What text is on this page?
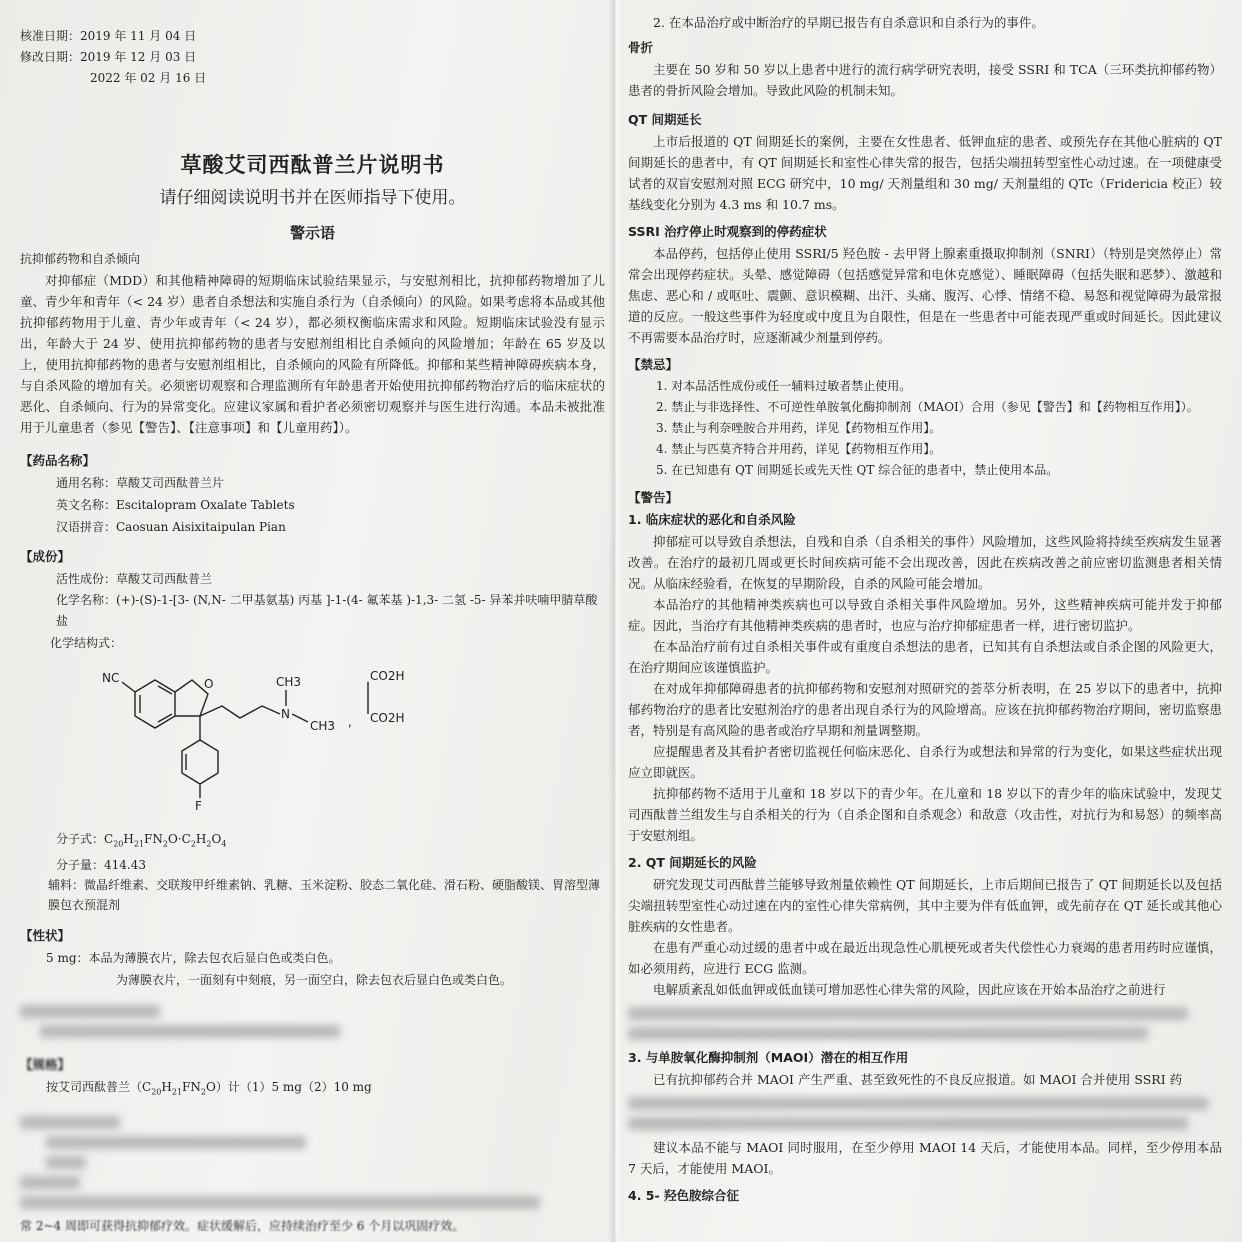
核准日期：2019 年 11 月 04 日
修改日期：2019 年 12 月 03 日
2022 年 02 月 16 日
草酸艾司西酞普兰片说明书
请仔细阅读说明书并在医师指导下使用。
警示语
抗抑郁药物和自杀倾向

对抑郁症（MDD）和其他精神障碍的短期临床试验结果显示，与安慰剂相比，抗抑郁药物增加了儿童、青少年和青年（< 24 岁）患者自杀想法和实施自杀行为（自杀倾向）的风险。如果考虑将本品或其他抗抑郁药物用于儿童、青少年或青年（< 24 岁），都必须权衡临床需求和风险。短期临床试验没有显示出，年龄大于 24 岁、使用抗抑郁药物的患者与安慰剂组相比自杀倾向的风险增加；年龄在 65 岁及以上，使用抗抑郁药物的患者与安慰剂组相比，自杀倾向的风险有所降低。抑郁和某些精神障碍疾病本身，与自杀风险的增加有关。必须密切观察和合理监测所有年龄患者开始使用抗抑郁药物治疗后的临床症状的恶化、自杀倾向、行为的异常变化。应建议家属和看护者必须密切观察并与医生进行沟通。本品未被批准用于儿童患者（参见【警告】、【注意事项】和【儿童用药】）。

【药品名称】
通用名称：草酸艾司西酞普兰片
英文名称：Escitalopram Oxalate Tablets
汉语拼音：Caosuan Aisixitaipulan Pian
【成份】
活性成份：草酸艾司西酞普兰
化学名称：(+)-(S)-1-[3- (N,N- 二甲基氨基) 丙基 ]-1-(4- 氟苯基 )-1,3- 二氢 -5- 异苯并呋喃甲腈草酸盐
化学结构式：
NC	O
N
CH3
CH3
F
CO2H
CO2H
,
分子式：$C_{20}H_{21}FN_2O\cdot C_2H_2O_4$
分子量：414.43
辅料：微晶纤维素、交联羧甲纤维素钠、乳糖、玉米淀粉、胶态二氧化硅、滑石粉、硬脂酸镁、胃溶型薄膜包衣预混剂
【性状】
5 mg：本品为薄膜衣片，除去包衣后显白色或类白色。
为薄膜衣片，一面刻有中刻痕，另一面空白，除去包衣后显白色或类白色。
【规格】
按艾司西酞普兰$(C_{20}H_{21}FN_2O)$计（1）5 mg（2）10 mg
常 2~4 周即可获得抗抑郁疗效。症状缓解后，应持续治疗至少 6 个月以巩固疗效。

2. 在本品治疗或中断治疗的早期已报告有自杀意识和自杀行为的事件。

骨折

主要在 50 岁和 50 岁以上患者中进行的流行病学研究表明，接受 SSRI 和 TCA（三环类抗抑郁药物）患者的骨折风险会增加。导致此风险的机制未知。

QT 间期延长

上市后报道的 QT 间期延长的案例，主要在女性患者、低钾血症的患者、或预先存在其他心脏病的 QT 间期延长的患者中，有 QT 间期延长和室性心律失常的报告，包括尖端扭转型室性心动过速。在一项健康受试者的双盲安慰剂对照 ECG 研究中，10 mg/ 天剂量组和 30 mg/ 天剂量组的 QTc（Fridericia 校正）较基线变化分别为 4.3 ms 和 10.7 ms。

SSRI 治疗停止时观察到的停药症状

本品停药，包括停止使用 SSRI/5 羟色胺 - 去甲肾上腺素重摄取抑制剂（SNRI）（特别是突然停止）常常会出现停药症状。头晕、感觉障碍（包括感觉异常和电休克感觉）、睡眠障碍（包括失眠和恶梦）、激越和焦虑、恶心和 / 或呕吐、震颤、意识模糊、出汗、头痛、腹泻、心悸、情绪不稳、易怒和视觉障碍为最常报道的反应。一般这些事件为轻度或中度且为自限性，但是在一些患者中可能表现严重或时间延长。因此建议不再需要本品治疗时，应逐渐减少剂量到停药。

【禁忌】
1. 对本品活性成份或任一辅料过敏者禁止使用。
2. 禁止与非选择性、不可逆性单胺氧化酶抑制剂（MAOI）合用（参见【警告】和【药物相互作用】）。
3. 禁止与利奈唑胺合并用药，详见【药物相互作用】。
4. 禁止与匹莫齐特合并用药，详见【药物相互作用】。
5. 在已知患有 QT 间期延长或先天性 QT 综合征的患者中，禁止使用本品。
【警告】
1. 临床症状的恶化和自杀风险

抑郁症可以导致自杀想法，自残和自杀（自杀相关的事件）风险增加，这些风险将持续至疾病发生显著改善。在治疗的最初几周或更长时间疾病可能不会出现改善，因此在疾病改善之前应密切监测患者相关情况。从临床经验看，在恢复的早期阶段，自杀的风险可能会增加。

本品治疗的其他精神类疾病也可以导致自杀相关事件风险增加。另外，这些精神疾病可能并发于抑郁症。因此，当治疗有其他精神类疾病的患者时，也应与治疗抑郁症患者一样，进行密切监护。

在本品治疗前有过自杀相关事件或有重度自杀想法的患者，已知其有自杀想法或自杀企图的风险更大，在治疗期间应该谨慎监护。

在对成年抑郁障碍患者的抗抑郁药物和安慰剂对照研究的荟萃分析表明，在 25 岁以下的患者中，抗抑郁药物治疗的患者比安慰剂治疗的患者出现自杀行为的风险增高。应该在抗抑郁药物治疗期间，密切监察患者，特别是有高风险的患者或治疗早期和剂量调整期。

应提醒患者及其看护者密切监视任何临床恶化、自杀行为或想法和异常的行为变化，如果这些症状出现应立即就医。

抗抑郁药物不适用于儿童和 18 岁以下的青少年。在儿童和 18 岁以下的青少年的临床试验中，发现艾司西酞普兰组发生与自杀相关的行为（自杀企图和自杀观念）和敌意（攻击性，对抗行为和易怒）的频率高于安慰剂组。

2. QT 间期延长的风险

研究发现艾司西酞普兰能够导致剂量依赖性 QT 间期延长，上市后期间已报告了 QT 间期延长以及包括尖端扭转型室性心动过速在内的室性心律失常病例，其中主要为伴有低血钾，或先前存在 QT 延长或其他心脏疾病的女性患者。

在患有严重心动过缓的患者中或在最近出现急性心肌梗死或者失代偿性心力衰竭的患者用药时应谨慎，如必须用药，应进行 ECG 监测。

电解质紊乱如低血钾或低血镁可增加恶性心律失常的风险，因此应该在开始本品治疗之前进行

3. 与单胺氧化酶抑制剂（MAOI）潜在的相互作用

已有抗抑郁药合并 MAOI 产生严重、甚至致死性的不良反应报道。如 MAOI 合并使用 SSRI 药

建议本品不能与 MAOI 同时服用，在至少停用 MAOI 14 天后，才能使用本品。同样，至少停用本品 7 天后，才能使用 MAOI。

4. 5- 羟色胺综合征
